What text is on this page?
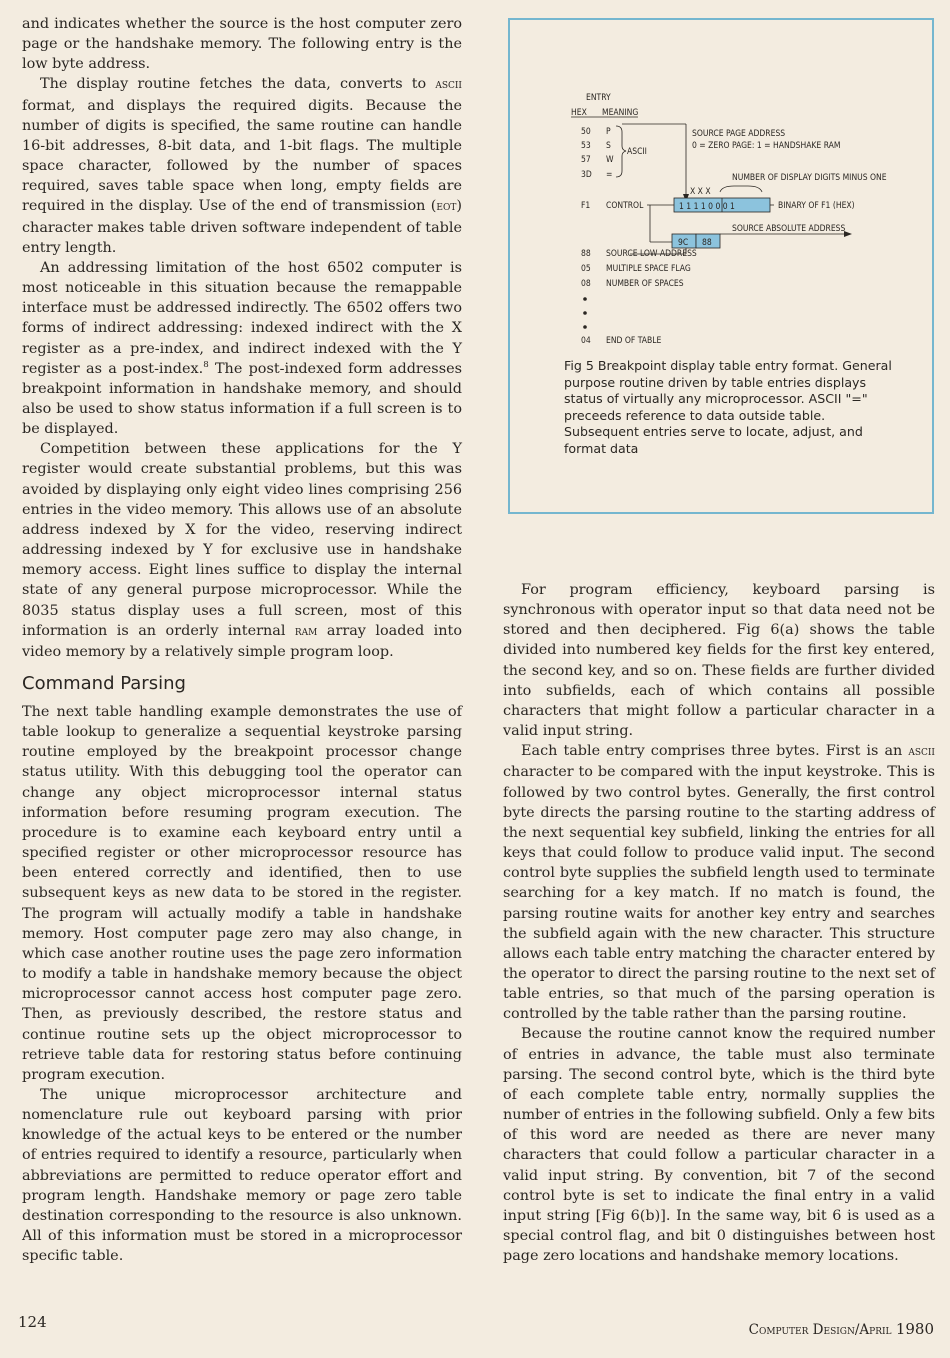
and indicates whether the source is the host computer zero page or the handshake memory. The following entry is the low byte address.

The display routine fetches the data, converts to ascii format, and displays the required digits. Because the number of digits is specified, the same routine can handle 16-bit addresses, 8-bit data, and 1-bit flags. The multiple space character, followed by the number of spaces required, saves table space when long, empty fields are required in the display. Use of the end of transmission (eot) character makes table driven software independent of table entry length.

An addressing limitation of the host 6502 computer is most noticeable in this situation because the remappable interface must be addressed indirectly. The 6502 offers two forms of indirect addressing: indexed indirect with the X register as a pre-index, and indirect indexed with the Y register as a post-index.$^8$ The post-indexed form addresses breakpoint information in handshake memory, and should also be used to show status information if a full screen is to be displayed.

Competition between these applications for the Y register would create substantial problems, but this was avoided by displaying only eight video lines comprising 256 entries in the video memory. This allows use of an absolute address indexed by X for the video, reserving indirect addressing indexed by Y for exclusive use in handshake memory access. Eight lines suffice to display the internal state of any general purpose microprocessor. While the 8035 status display uses a full screen, most of this information is an orderly internal ram array loaded into video memory by a relatively simple program loop.

Command Parsing

The next table handling example demonstrates the use of table lookup to generalize a sequential keystroke parsing routine employed by the breakpoint processor change status utility. With this debugging tool the operator can change any object microprocessor internal status information before resuming program execution. The procedure is to examine each keyboard entry until a specified register or other microprocessor resource has been entered correctly and identified, then to use subsequent keys as new data to be stored in the register. The program will actually modify a table in handshake memory. Host computer page zero may also change, in which case another routine uses the page zero information to modify a table in handshake memory because the object microprocessor cannot access host computer page zero. Then, as previously described, the restore status and continue routine sets up the object microprocessor to retrieve table data for restoring status before continuing program execution.

The unique microprocessor architecture and nomenclature rule out keyboard parsing with prior knowledge of the actual keys to be entered or the number of entries required to identify a resource, particularly when abbreviations are permitted to reduce operator effort and program length. Handshake memory or page zero table destination corresponding to the resource is also unknown. All of this information must be stored in a microprocessor specific table.

ENTRY
HEX MEANING
50 P
53 S
57 W
3D =
ASCII
SOURCE PAGE ADDRESS
0 = ZERO PAGE: 1 = HANDSHAKE RAM
NUMBER OF DISPLAY DIGITS MINUS ONE
X X X
F1 CONTROL	1 1 1 1 0 0 0 1	BINARY OF F1 (HEX)
9C 88
SOURCE ABSOLUTE ADDRESS
88 SOURCE LOW ADDRESS
05 MULTIPLE SPACE FLAG
08 NUMBER OF SPACES
04 END OF TABLE

Fig 5 Breakpoint display table entry format. General purpose routine driven by table entries displays status of virtually any microprocessor. ASCII "=" preceeds reference to data outside table. Subsequent entries serve to locate, adjust, and format data

For program efficiency, keyboard parsing is synchronous with operator input so that data need not be stored and then deciphered. Fig 6(a) shows the table divided into numbered key fields for the first key entered, the second key, and so on. These fields are further divided into subfields, each of which contains all possible characters that might follow a particular character in a valid input string.

Each table entry comprises three bytes. First is an ascii character to be compared with the input keystroke. This is followed by two control bytes. Generally, the first control byte directs the parsing routine to the starting address of the next sequential key subfield, linking the entries for all keys that could follow to produce valid input. The second control byte supplies the subfield length used to terminate searching for a key match. If no match is found, the parsing routine waits for another key entry and searches the subfield again with the new character. This structure allows each table entry matching the character entered by the operator to direct the parsing routine to the next set of table entries, so that much of the parsing operation is controlled by the table rather than the parsing routine.

Because the routine cannot know the required number of entries in advance, the table must also terminate parsing. The second control byte, which is the third byte of each complete table entry, normally supplies the number of entries in the following subfield. Only a few bits of this word are needed as there are never many characters that could follow a particular character in a valid input string. By convention, bit 7 of the second control byte is set to indicate the final entry in a valid input string [Fig 6(b)]. In the same way, bit 6 is used as a special control flag, and bit 0 distinguishes between host page zero locations and handshake memory locations.

124	Computer Design/April 1980
